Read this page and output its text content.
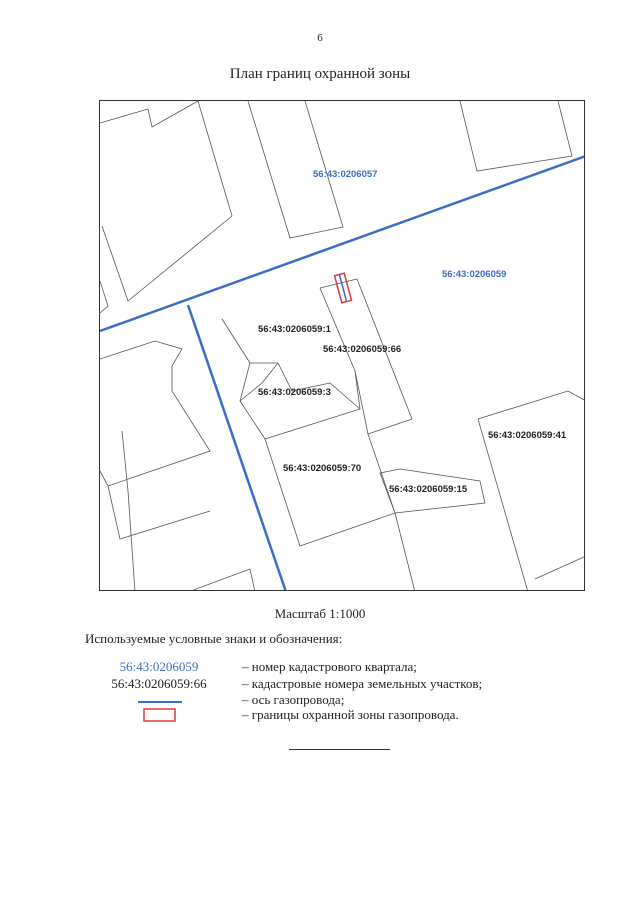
6
План границ охранной зоны
56:43:0206057
56:43:0206059
56:43:0206059:1
56:43:0206059:66
56:43:0206059:3
56:43:0206059:41
56:43:0206059:70
56:43:0206059:15
Масштаб 1:1000
Используемые условные знаки и обозначения:
56:43:0206059	– номер кадастрового квартала;
56:43:0206059:66	– кадастровые номера земельных участков;
– ось газопровода;
– границы охранной зоны газопровода.
